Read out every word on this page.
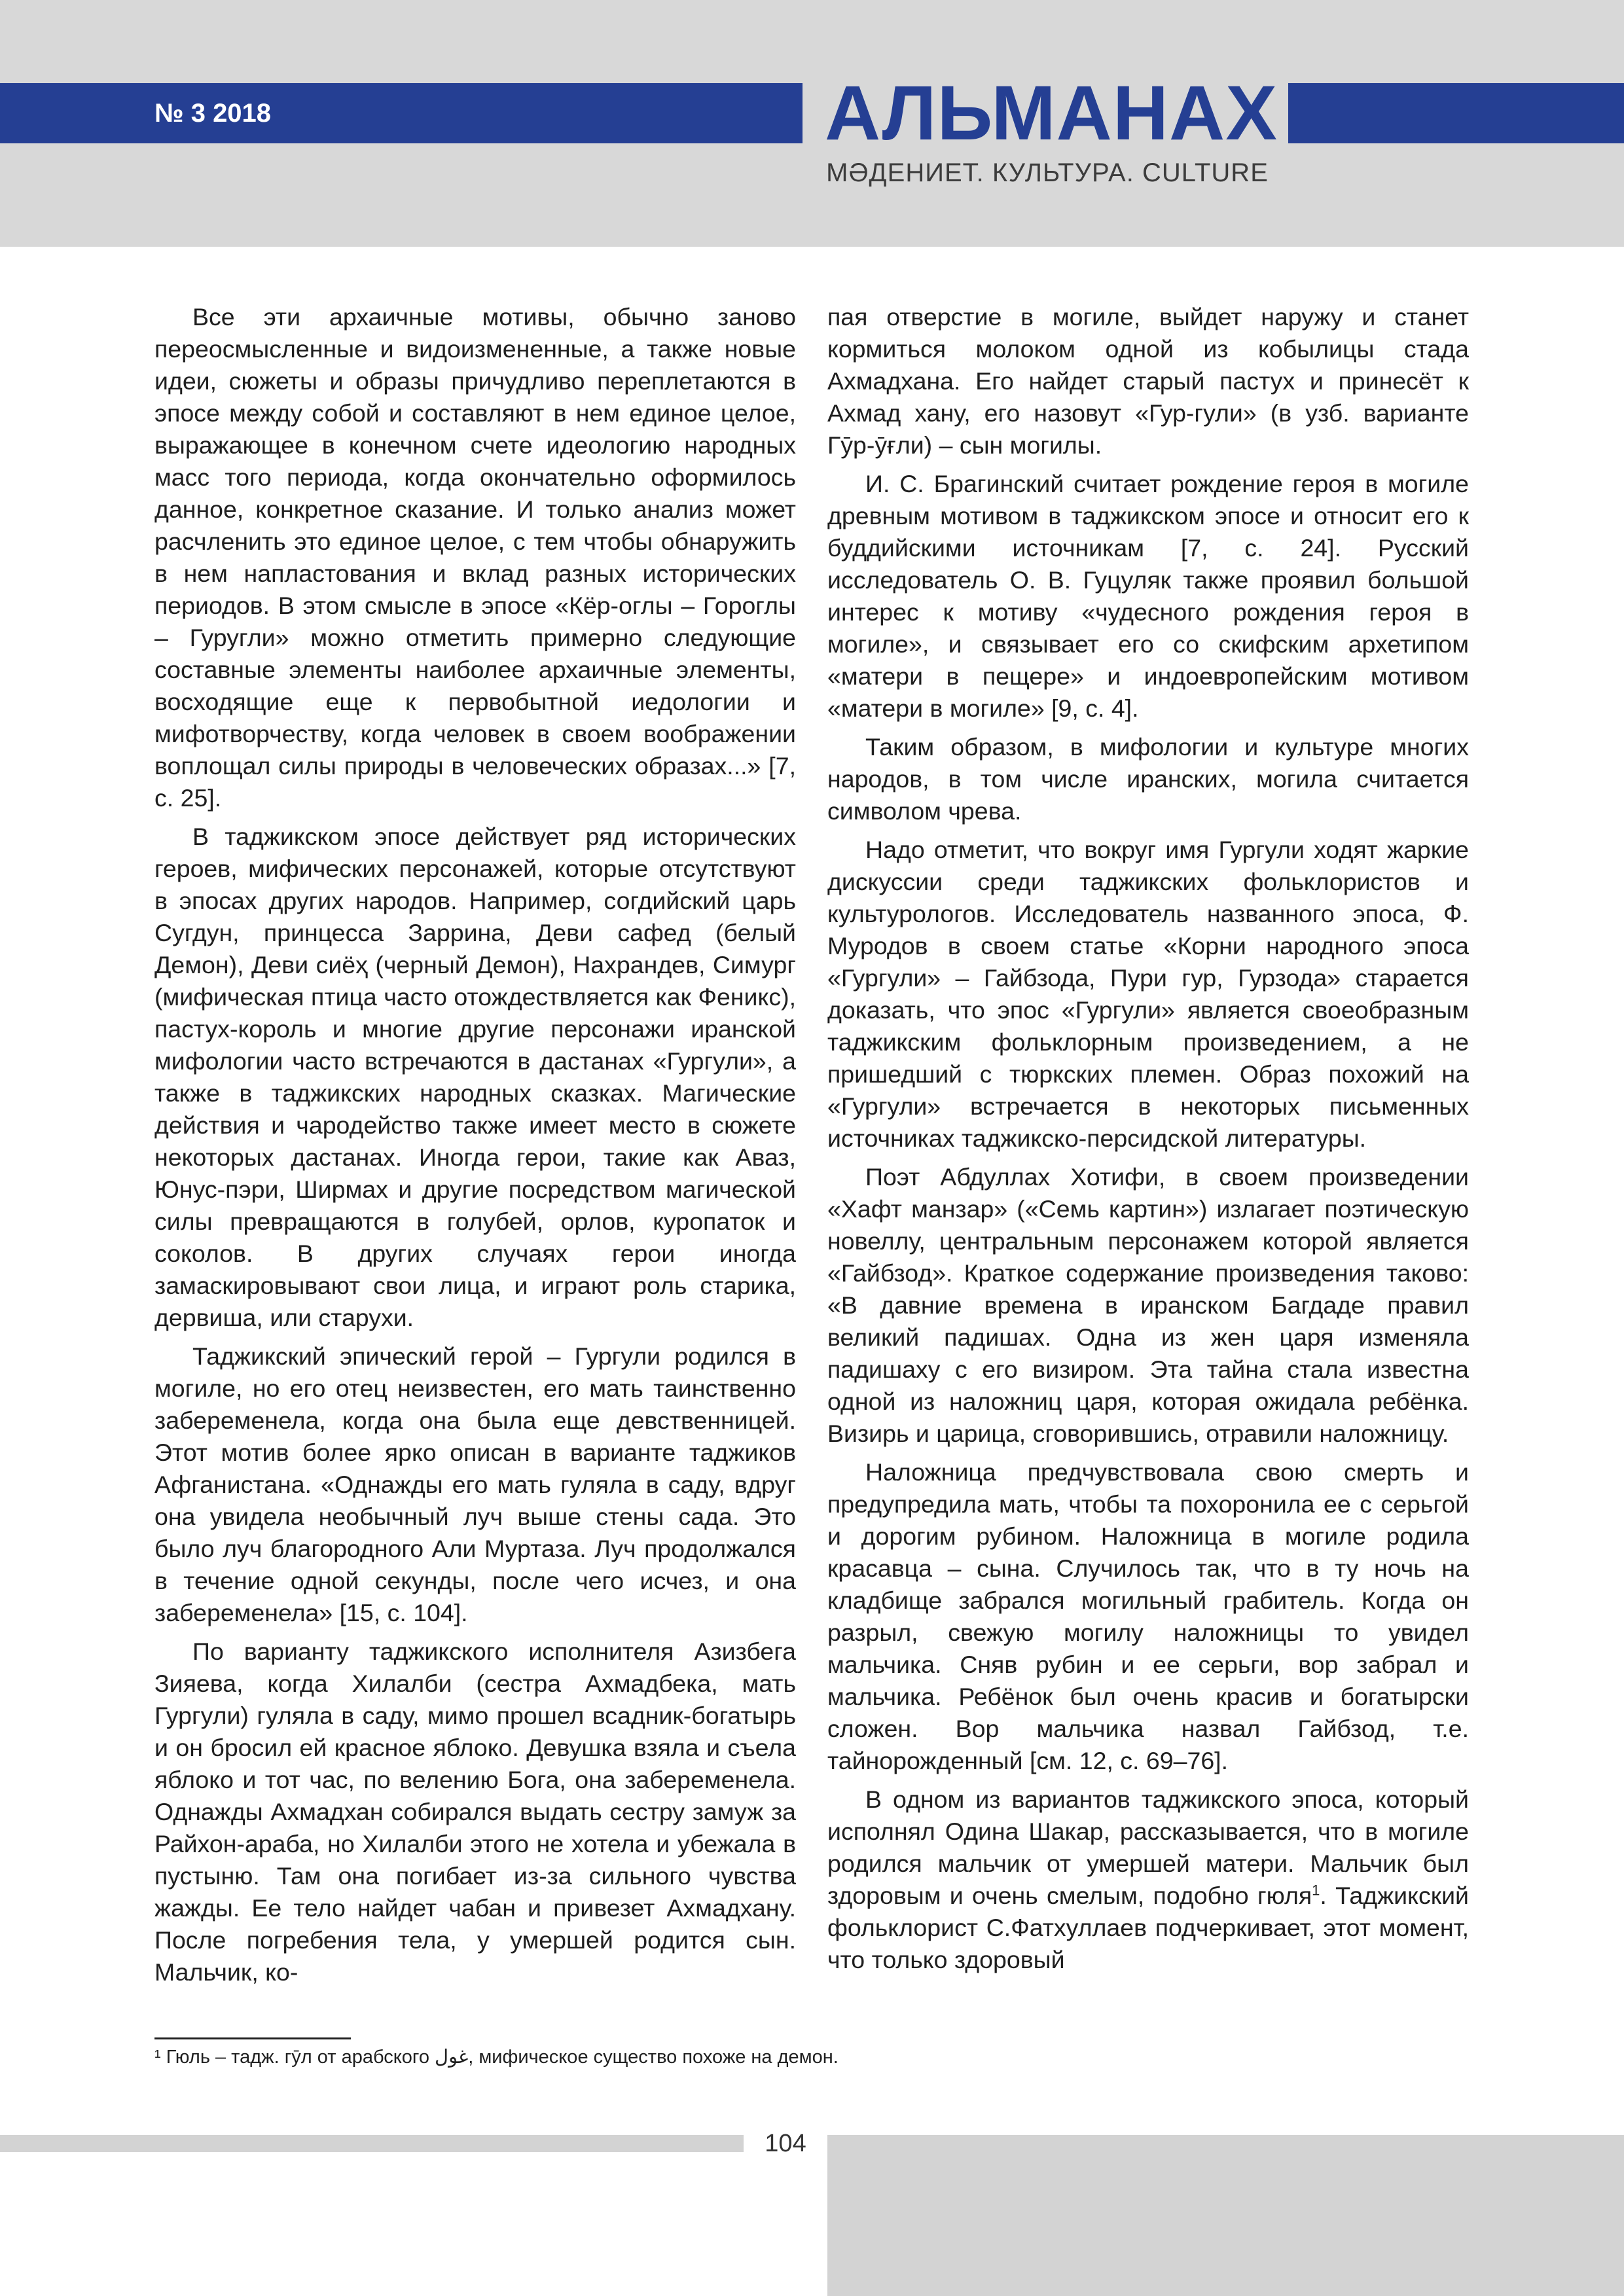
№ 3 2018	АЛЬМАНАХ
МӘДЕНИЕТ. КУЛЬТУРА. CULTURE

Все эти архаичные мотивы, обычно заново переосмысленные и видоизмененные, а также новые идеи, сюжеты и образы причудливо переплетаются в эпосе между собой и составляют в нем единое целое, выражающее в конечном счете идеологию народных масс того периода, когда окончательно оформилось данное, конкретное сказание. И только анализ может расчленить это единое целое, с тем чтобы обнаружить в нем напластования и вклад разных исторических периодов. В этом смысле в эпосе «Кёр-оглы – Гороглы – Гуругли» можно отметить примерно следующие составные элементы наиболее архаичные элементы, восходящие еще к первобытной иедологии и мифотворчеству, когда человек в своем воображении воплощал силы природы в человеческих образах...» [7, с. 25].

В таджикском эпосе действует ряд исторических героев, мифических персонажей, которые отсутствуют в эпосах других народов. Например, согдийский царь Сугдун, принцесса Заррина, Деви сафед (белый Демон), Деви сиёҳ (черный Демон), Нахрандев, Симург (мифическая птица часто отождествляется как Феникс), пастух-король и многие другие персонажи иранской мифологии часто встречаются в дастанах «Гургули», а также в таджикских народных сказках. Магические действия и чародейство также имеет место в сюжете некоторых дастанах. Иногда герои, такие как Аваз, Юнус-пэри, Ширмах и другие посредством магической силы превращаются в голубей, орлов, куропаток и соколов. В других случаях герои иногда замаскировывают свои лица, и играют роль старика, дервиша, или старухи.

Таджикский эпический герой – Гургули родился в могиле, но его отец неизвестен, его мать таинственно забеременела, когда она была еще девственницей. Этот мотив более ярко описан в варианте таджиков Афганистана. «Однажды его мать гуляла в саду, вдруг она увидела необычный луч выше стены сада. Это было луч благородного Али Муртаза. Луч продолжался в течение одной секунды, после чего исчез, и она забеременела» [15, с. 104].

По варианту таджикского исполнителя Азизбега Зияева, когда Хилалби (сестра Ахмадбека, мать Гургули) гуляла в саду, мимо прошел всадник-богатырь и он бросил ей красное яблоко. Девушка взяла и съела яблоко и тот час, по велению Бога, она забеременела. Однажды Ахмадхан собирался выдать сестру замуж за Райхон-араба, но Хилалби этого не хотела и убежала в пустыню. Там она погибает из-за сильного чувства жажды. Ее тело найдет чабан и привезет Ахмадхану. После погребения тела, у умершей родится сын. Мальчик, ко-

пая отверстие в могиле, выйдет наружу и станет кормиться молоком одной из кобылицы стада Ахмадхана. Его найдет старый пастух и принесёт к Ахмад хану, его назовут «Гур-гули» (в узб. варианте Гӯр-ӯғли) – сын могилы.

И. С. Брагинский считает рождение героя в могиле древным мотивом в таджикском эпосе и относит его к буддийскими источникам [7, с. 24]. Русский исследователь О. В. Гуцуляк также проявил большой интерес к мотиву «чудесного рождения героя в могиле», и связывает его со скифским архетипом «матери в пещере» и индоевропейским мотивом «матери в могиле» [9, с. 4].

Таким образом, в мифологии и культуре многих народов, в том числе иранских, могила считается символом чрева.

Надо отметит, что вокруг имя Гургули ходят жаркие дискуссии среди таджикских фольклористов и культурологов. Исследователь названного эпоса, Ф. Муродов в своем статье «Корни народного эпоса «Гургули» – Гайбзода, Пури гур, Гурзода» старается доказать, что эпос «Гургули» является своеобразным таджикским фольклорным произведением, а не пришедший с тюркских племен. Образ похожий на «Гургули» встречается в некоторых письменных источниках таджикско-персидской литературы.

Поэт Абдуллах Хотифи, в своем произведении «Хафт манзар» («Семь картин») излагает поэтическую новеллу, центральным персонажем которой является «Гайбзод». Краткое содержание произведения таково: «В давние времена в иранском Багдаде правил великий падишах. Одна из жен царя изменяла падишаху с его визиром. Эта тайна стала известна одной из наложниц царя, которая ожидала ребёнка. Визирь и царица, сговорившись, отравили наложницу.

Наложница предчувствовала свою смерть и предупредила мать, чтобы та похоронила ее с серьгой и дорогим рубином. Наложница в могиле родила красавца – сына. Случилось так, что в ту ночь на кладбище забрался могильный грабитель. Когда он разрыл, свежую могилу наложницы то увидел мальчика. Сняв рубин и ее серьги, вор забрал и мальчика. Ребёнок был очень красив и богатырски сложен. Вор мальчика назвал Гайбзод, т.е. тайнорожденный [см. 12, с. 69–76].

В одном из вариантов таджикского эпоса, который исполнял Одина Шакар, рассказывается, что в могиле родился мальчик от умершей матери. Мальчик был здоровым и очень смелым, подобно гюля$^1$. Таджикский фольклорист С.Фатхуллаев подчеркивает, этот момент, что только здоровый

¹ Гюль – тадж. гӯл от арабского غول, мифическое существо похоже на демон.
104
